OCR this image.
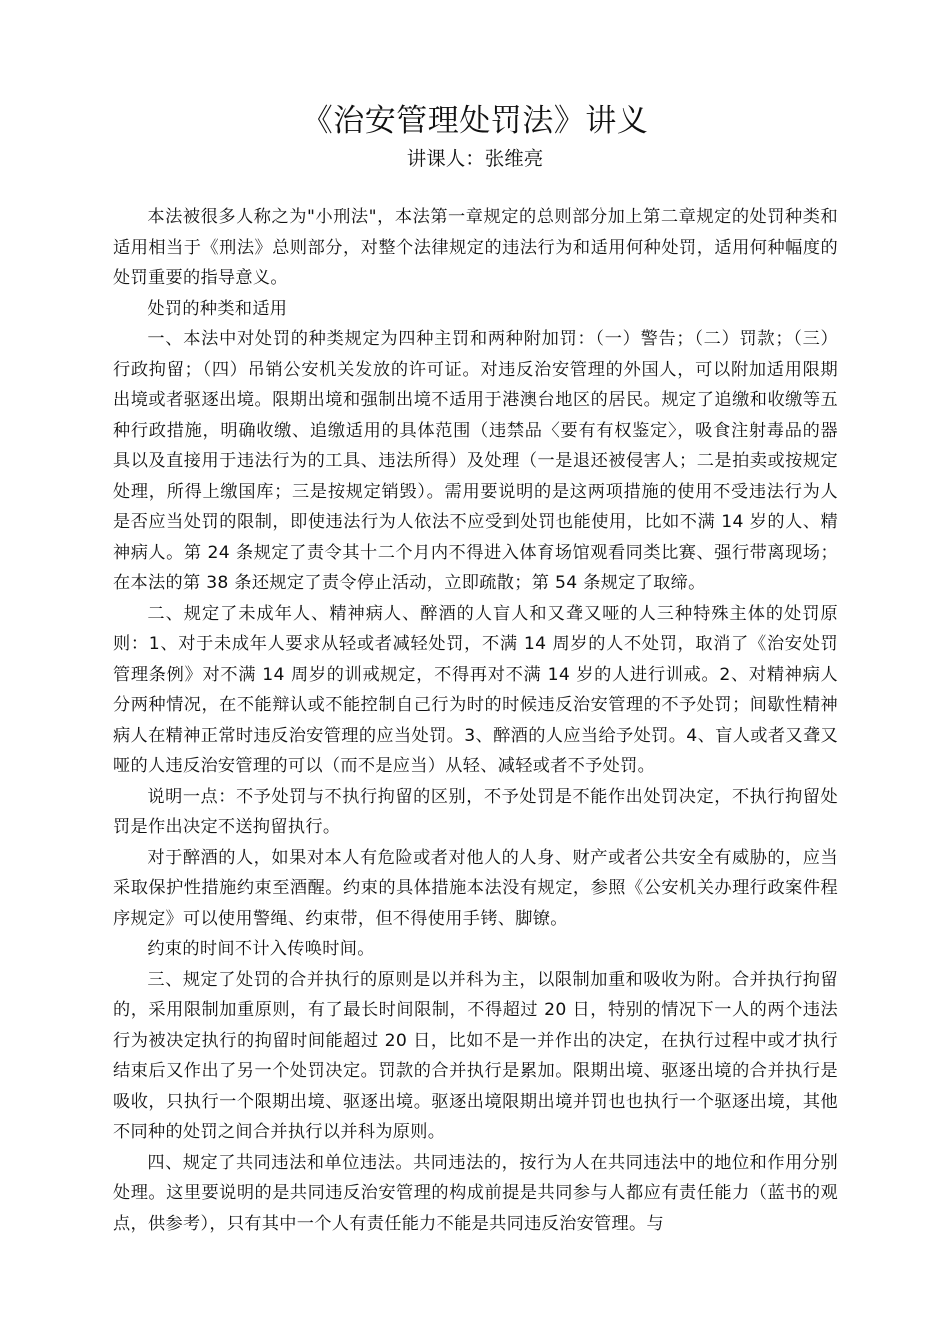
《治安管理处罚法》讲义
讲课人：张维亮

本法被很多人称之为"小刑法"，本法第一章规定的总则部分加上第二章规定的处罚种类和适用相当于《刑法》总则部分，对整个法律规定的违法行为和适用何种处罚，适用何种幅度的处罚重要的指导意义。

处罚的种类和适用

一、本法中对处罚的种类规定为四种主罚和两种附加罚：（一）警告；（二）罚款；（三）行政拘留；（四）吊销公安机关发放的许可证。对违反治安管理的外国人，可以附加适用限期出境或者驱逐出境。限期出境和强制出境不适用于港澳台地区的居民。规定了追缴和收缴等五种行政措施，明确收缴、追缴适用的具体范围（违禁品〈要有有权鉴定〉，吸食注射毒品的器具以及直接用于违法行为的工具、违法所得）及处理（一是退还被侵害人；二是拍卖或按规定处理，所得上缴国库；三是按规定销毁）。需用要说明的是这两项措施的使用不受违法行为人是否应当处罚的限制，即使违法行为人依法不应受到处罚也能使用，比如不满 14 岁的人、精神病人。第 24 条规定了责令其十二个月内不得进入体育场馆观看同类比赛、强行带离现场；在本法的第 38 条还规定了责令停止活动，立即疏散；第 54 条规定了取缔。

二、规定了未成年人、精神病人、醉酒的人盲人和又聋又哑的人三种特殊主体的处罚原则：1、对于未成年人要求从轻或者减轻处罚，不满 14 周岁的人不处罚，取消了《治安处罚管理条例》对不满 14 周岁的训戒规定，不得再对不满 14 岁的人进行训戒。2、对精神病人分两种情况，在不能辩认或不能控制自己行为时的时候违反治安管理的不予处罚；间歇性精神病人在精神正常时违反治安管理的应当处罚。3、醉酒的人应当给予处罚。4、盲人或者又聋又哑的人违反治安管理的可以（而不是应当）从轻、减轻或者不予处罚。

说明一点：不予处罚与不执行拘留的区别，不予处罚是不能作出处罚决定，不执行拘留处罚是作出决定不送拘留执行。

对于醉酒的人，如果对本人有危险或者对他人的人身、财产或者公共安全有威胁的，应当采取保护性措施约束至酒醒。约束的具体措施本法没有规定，参照《公安机关办理行政案件程序规定》可以使用警绳、约束带，但不得使用手铐、脚镣。

约束的时间不计入传唤时间。

三、规定了处罚的合并执行的原则是以并科为主，以限制加重和吸收为附。合并执行拘留的，采用限制加重原则，有了最长时间限制，不得超过 20 日，特别的情况下一人的两个违法行为被决定执行的拘留时间能超过 20 日，比如不是一并作出的决定，在执行过程中或才执行结束后又作出了另一个处罚决定。罚款的合并执行是累加。限期出境、驱逐出境的合并执行是吸收，只执行一个限期出境、驱逐出境。驱逐出境限期出境并罚也也执行一个驱逐出境，其他不同种的处罚之间合并执行以并科为原则。

四、规定了共同违法和单位违法。共同违法的，按行为人在共同违法中的地位和作用分别处理。这里要说明的是共同违反治安管理的构成前提是共同参与人都应有责任能力（蓝书的观点，供参考），只有其中一个人有责任能力不能是共同违反治安管理。与
